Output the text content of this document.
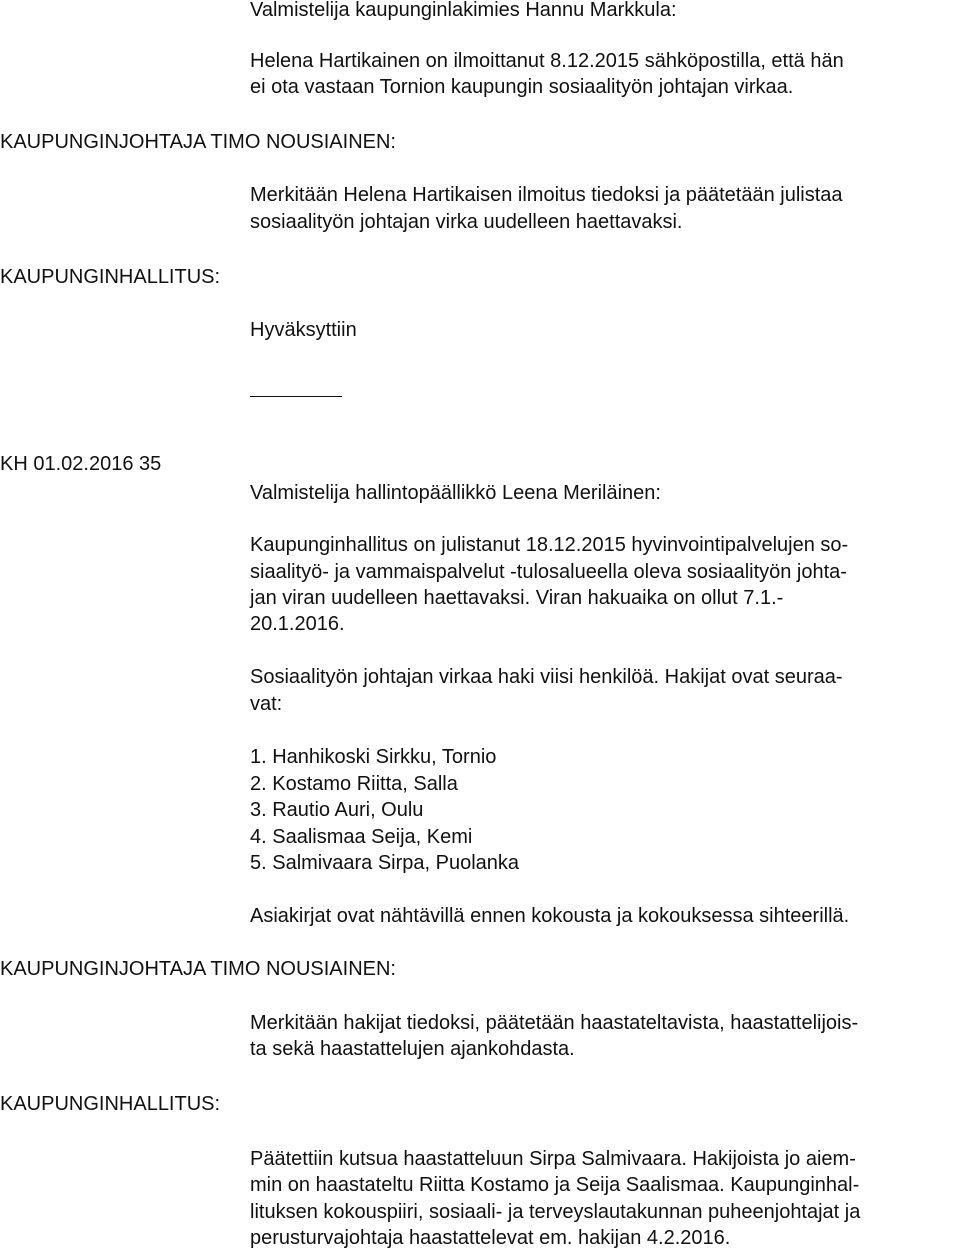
Valmistelija kaupunginlakimies Hannu Markkula:

Helena Hartikainen on ilmoittanut 8.12.2015 sähköpostilla, että hän

ei ota vastaan Tornion kaupungin sosiaalityön johtajan virkaa.

KAUPUNGINJOHTAJA TIMO NOUSIAINEN:

Merkitään Helena Hartikaisen ilmoitus tiedoksi ja päätetään julistaa

sosiaalityön johtajan virka uudelleen haettavaksi.

KAUPUNGINHALLITUS:

Hyväksyttiin

KH 01.02.2016 35

Valmistelija hallintopäällikkö Leena Meriläinen:

Kaupunginhallitus on julistanut 18.12.2015 hyvinvointipalvelujen so-

siaalityö- ja vammaispalvelut -tulosalueella oleva sosiaalityön johta-

jan viran uudelleen haettavaksi. Viran hakuaika on ollut 7.1.-

20.1.2016.

Sosiaalityön johtajan virkaa haki viisi henkilöä. Hakijat ovat seuraa-

vat:

1. Hanhikoski Sirkku, Tornio

2. Kostamo Riitta, Salla

3. Rautio Auri, Oulu

4. Saalismaa Seija, Kemi

5. Salmivaara Sirpa, Puolanka

Asiakirjat ovat nähtävillä ennen kokousta ja kokouksessa sihteerillä.

KAUPUNGINJOHTAJA TIMO NOUSIAINEN:

Merkitään hakijat tiedoksi, päätetään haastateltavista, haastattelijois-

ta sekä haastattelujen ajankohdasta.

KAUPUNGINHALLITUS:

Päätettiin kutsua haastatteluun Sirpa Salmivaara. Hakijoista jo aiem-

min on haastateltu Riitta Kostamo ja Seija Saalismaa. Kaupunginhal-

lituksen kokouspiiri, sosiaali- ja terveyslautakunnan puheenjohtajat ja

perusturvajohtaja haastattelevat em. hakijan 4.2.2016.
